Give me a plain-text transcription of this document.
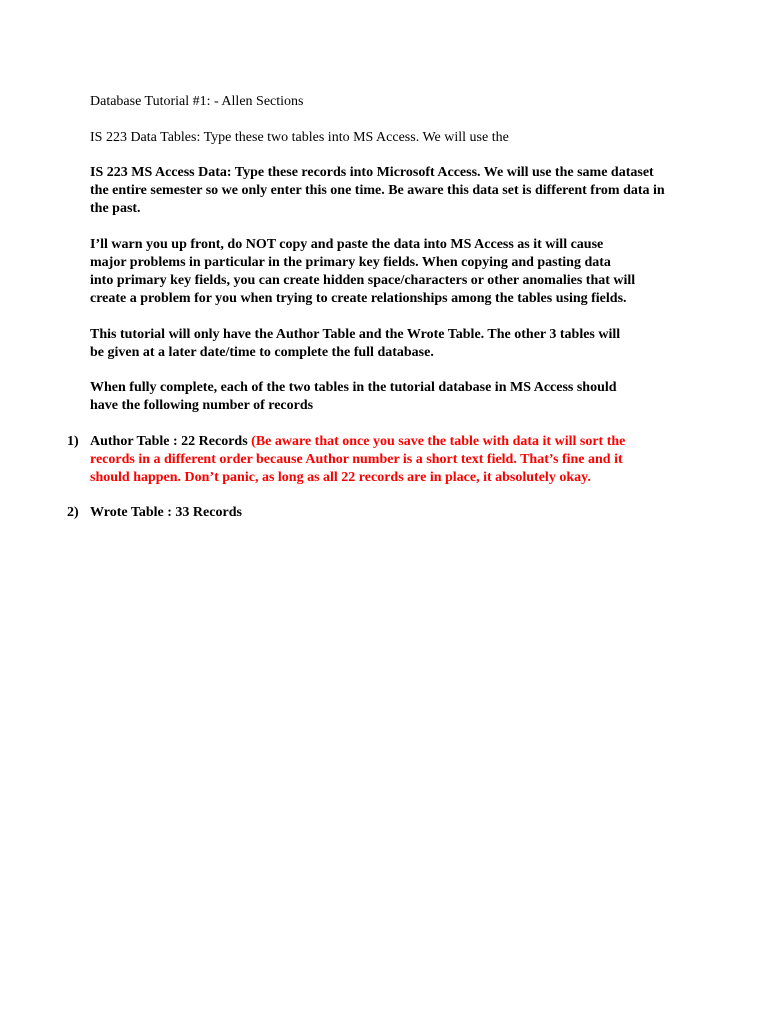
Database Tutorial #1: - Allen Sections
IS 223 Data Tables: Type these two tables into MS Access. We will use the
IS 223 MS Access Data: Type these records into Microsoft Access. We will use the same dataset
the entire semester so we only enter this one time. Be aware this data set is different from data in
the past.
I’ll warn you up front, do NOT copy and paste the data into MS Access as it will cause
major problems in particular in the primary key fields. When copying and pasting data
into primary key fields, you can create hidden space/characters or other anomalies that will
create a problem for you when trying to create relationships among the tables using fields.
This tutorial will only have the Author Table and the Wrote Table. The other 3 tables will
be given at a later date/time to complete the full database.
When fully complete, each of the two tables in the tutorial database in MS Access should
have the following number of records
1) Author Table : 22 Records (Be aware that once you save the table with data it will sort the
records in a different order because Author number is a short text field. That’s fine and it
should happen. Don’t panic, as long as all 22 records are in place, it absolutely okay.
2) Wrote Table : 33 Records
